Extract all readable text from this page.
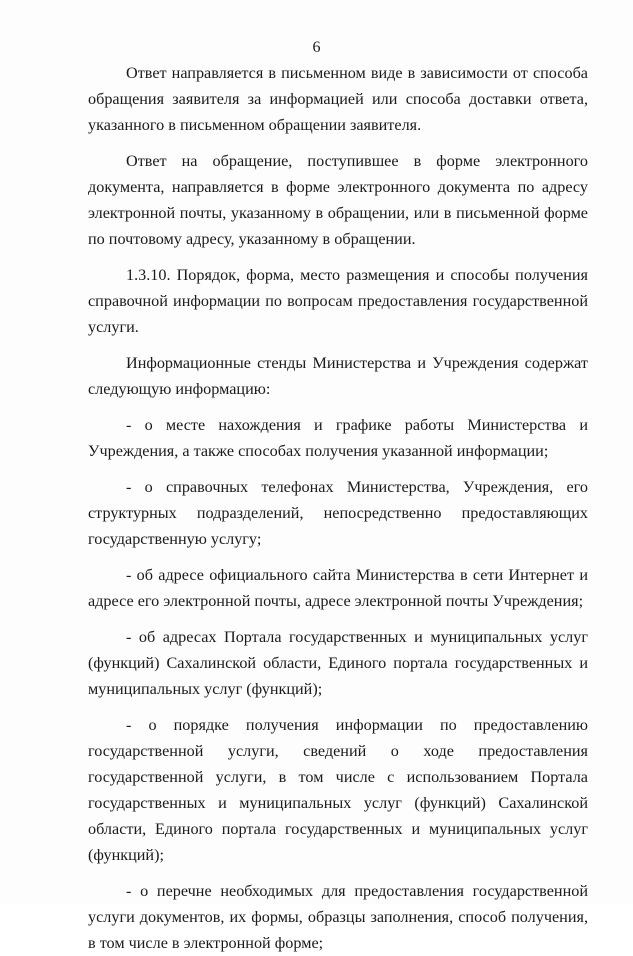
6

Ответ направляется в письменном виде в зависимости от способа обращения заявителя за информацией или способа доставки ответа, указанного в письменном обращении заявителя.

Ответ на обращение, поступившее в форме электронного документа, направляется в форме электронного документа по адресу электронной почты, указанному в обращении, или в письменной форме по почтовому адресу, указанному в обращении.

1.3.10. Порядок, форма, место размещения и способы получения справочной информации по вопросам предоставления государственной услуги.

Информационные стенды Министерства и Учреждения содержат следующую информацию:

- о месте нахождения и графике работы Министерства и Учреждения, а также способах получения указанной информации;

- о справочных телефонах Министерства, Учреждения, его структурных подразделений, непосредственно предоставляющих государственную услугу;

- об адресе официального сайта Министерства в сети Интернет и адресе его электронной почты, адресе электронной почты Учреждения;

- об адресах Портала государственных и муниципальных услуг (функций) Сахалинской области, Единого портала государственных и муниципальных услуг (функций);

- о порядке получения информации по предоставлению государственной услуги, сведений о ходе предоставления государственной услуги, в том числе с использованием Портала государственных и муниципальных услуг (функций) Сахалинской области, Единого портала государственных и муниципальных услуг (функций);

- о перечне необходимых для предоставления государственной услуги документов, их формы, образцы заполнения, способ получения, в том числе в электронной форме;
